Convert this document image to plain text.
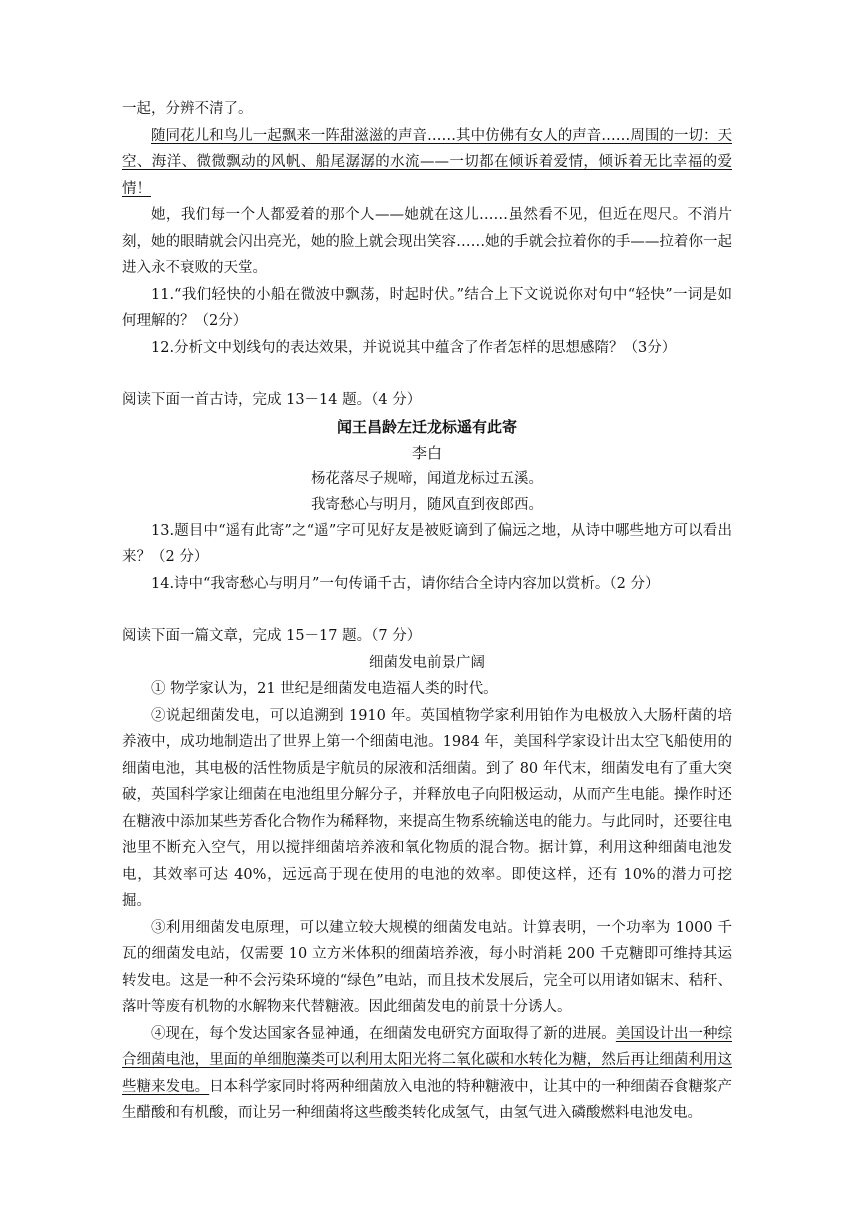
一起，分辨不清了。

随同花儿和鸟儿一起飘来一阵甜滋滋的声音……其中仿佛有女人的声音……周围的一切：天空、海洋、微微飘动的风帆、船尾潺潺的水流——一切都在倾诉着爱情，倾诉着无比幸福的爱情！

她，我们每一个人都爱着的那个人——她就在这儿……虽然看不见，但近在咫尺。不消片刻，她的眼睛就会闪出亮光，她的脸上就会现出笑容……她的手就会拉着你的手——拉着你一起进入永不衰败的天堂。

11.“我们轻快的小船在微波中飘荡，时起时伏。”结合上下文说说你对句中“轻快”一词是如何理解的？（2分）

12.分析文中划线句的表达效果，并说说其中蕴含了作者怎样的思想感隋？（3分）

阅读下面一首古诗，完成 13－14 题。（4 分）

闻王昌龄左迁龙标遥有此寄

李白

杨花落尽子规啼，闻道龙标过五溪。

我寄愁心与明月，随风直到夜郎西。

13.题目中“遥有此寄”之“遥”字可见好友是被贬谪到了偏远之地，从诗中哪些地方可以看出来？（2 分）

14.诗中“我寄愁心与明月”一句传诵千古，请你结合全诗内容加以赏析。（2 分）

阅读下面一篇文章，完成 15－17 题。（7 分）

细菌发电前景广阔

① 物学家认为，21 世纪是细菌发电造福人类的时代。

②说起细菌发电，可以追溯到 1910 年。英国植物学家利用铂作为电极放入大肠杆菌的培养液中，成功地制造出了世界上第一个细菌电池。1984 年，美国科学家设计出太空飞船使用的细菌电池，其电极的活性物质是宇航员的尿液和活细菌。到了 80 年代末，细菌发电有了重大突破，英国科学家让细菌在电池组里分解分子，并释放电子向阳极运动，从而产生电能。操作时还在糖液中添加某些芳香化合物作为稀释物，来提高生物系统输送电的能力。与此同时，还要往电池里不断充入空气，用以搅拌细菌培养液和氧化物质的混合物。据计算，利用这种细菌电池发电，其效率可达 40%，远远高于现在使用的电池的效率。即使这样，还有 10%的潜力可挖掘。

③利用细菌发电原理，可以建立较大规模的细菌发电站。计算表明，一个功率为 1000 千瓦的细菌发电站，仅需要 10 立方米体积的细菌培养液，每小时消耗 200 千克糖即可维持其运转发电。这是一种不会污染环境的“绿色”电站，而且技术发展后，完全可以用诸如锯末、秸秆、落叶等废有机物的水解物来代替糖液。因此细菌发电的前景十分诱人。

④现在，每个发达国家各显神通，在细菌发电研究方面取得了新的进展。美国设计出一种综合细菌电池，里面的单细胞藻类可以利用太阳光将二氧化碳和水转化为糖，然后再让细菌利用这些糖来发电。日本科学家同时将两种细菌放入电池的特种糖液中，让其中的一种细菌吞食糖浆产生醋酸和有机酸，而让另一种细菌将这些酸类转化成氢气，由氢气进入磷酸燃料电池发电。
